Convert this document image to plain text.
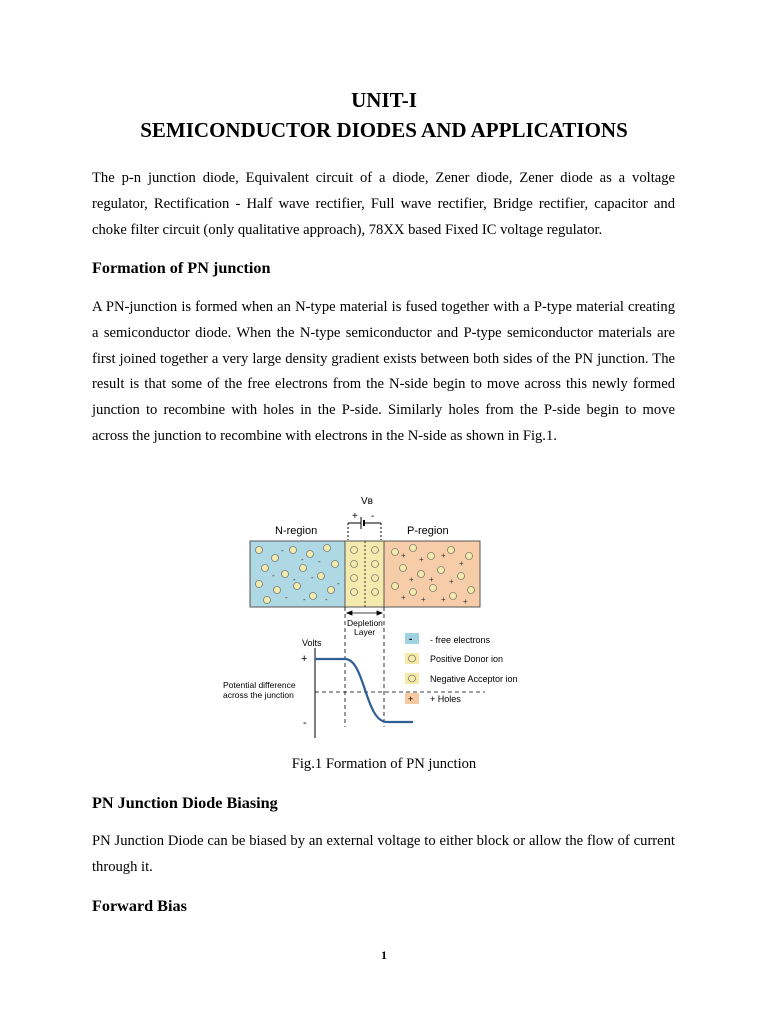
UNIT-I
SEMICONDUCTOR DIODES AND APPLICATIONS

The p-n junction diode, Equivalent circuit of a diode, Zener diode, Zener diode as a voltage regulator, Rectification - Half wave rectifier, Full wave rectifier, Bridge rectifier, capacitor and choke filter circuit (only qualitative approach), 78XX based Fixed IC voltage regulator.

Formation of PN junction

A PN-junction is formed when an N-type material is fused together with a P-type material creating a semiconductor diode. When the N-type semiconductor and P-type semiconductor materials are first joined together a very large density gradient exists between both sides of the PN junction. The result is that some of the free electrons from the N-side begin to move across this newly formed junction to recombine with holes in the P-side. Similarly holes from the P-side begin to move across the junction to recombine with electrons in the N-side as shown in Fig.1.

Vʙ
+ -
N-region	P-region
-
- -
- - -
- - -
-
+ + +
+
+ + +
+ + + +
Depletion
Layer
Volts
+
-
Potential difference
across the junction
- - free electrons
Positive Donor ion
Negative Acceptor ion
+ + Holes
Fig.1 Formation of PN junction
PN Junction Diode Biasing

PN Junction Diode can be biased by an external voltage to either block or allow the flow of current through it.

Forward Bias
1
